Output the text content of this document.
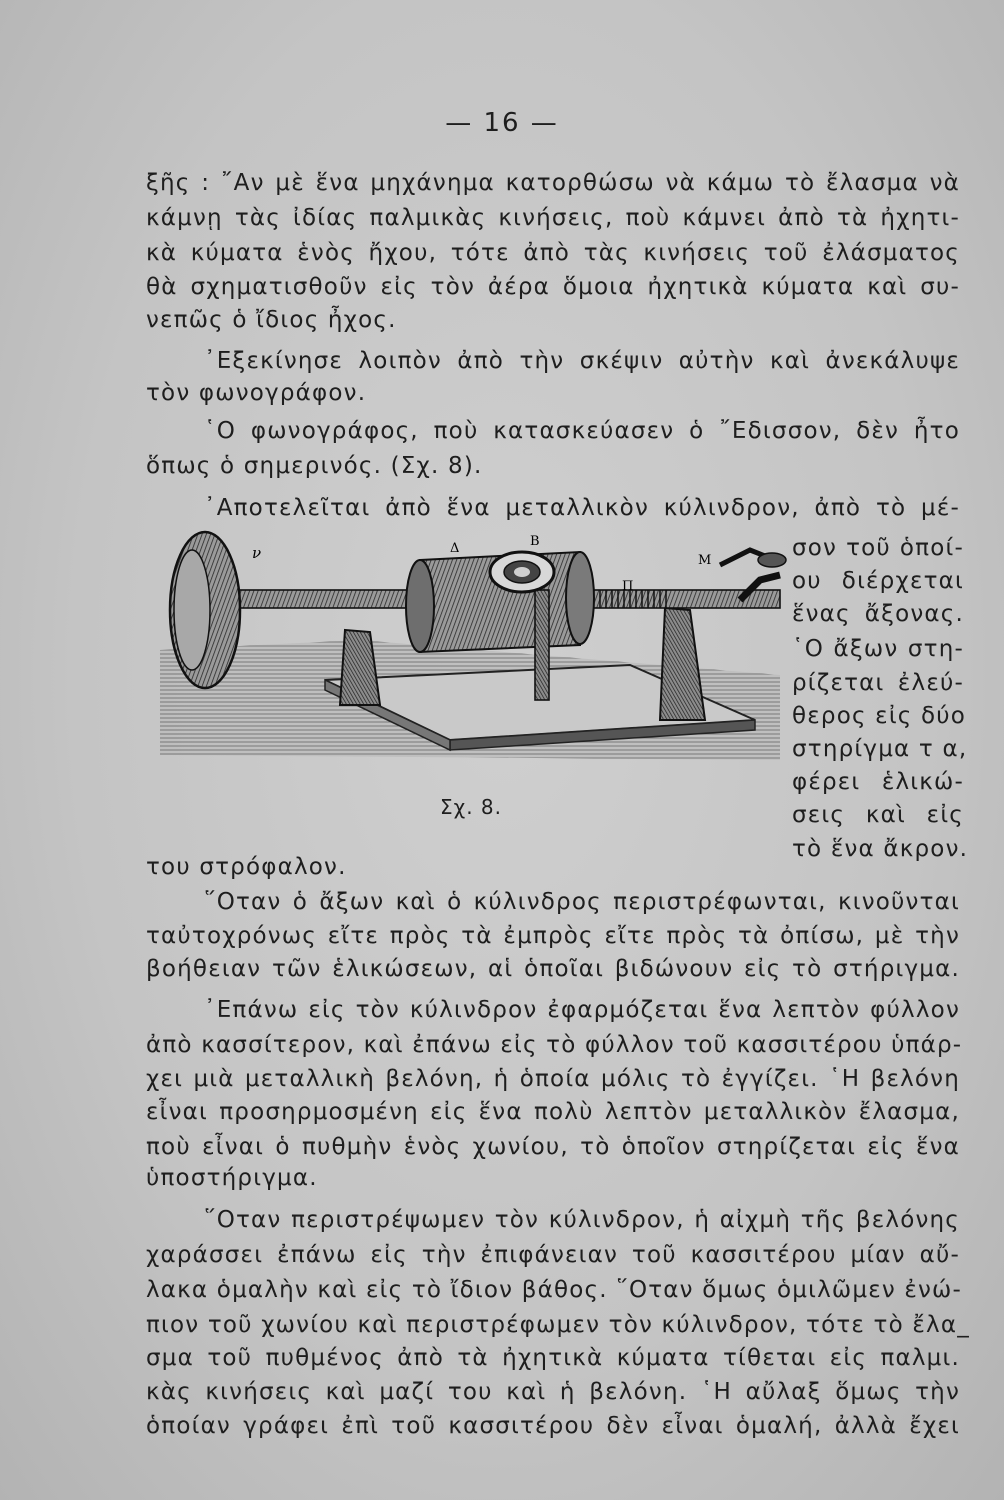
— 16 —
ξῆς : ῎Αν μὲ ἕνα μηχάνημα κατορθώσω νὰ κάμω τὸ ἔλασμα νὰ
κάμνῃ τὰς ἰδίας παλμικὰς κινήσεις, ποὺ κάμνει ἀπὸ τὰ ἠχητι-
κὰ κύματα ἑνὸς ἤχου, τότε ἀπὸ τὰς κινήσεις τοῦ ἐλάσματος
θὰ σχηματισθοῦν εἰς τὸν ἀέρα ὅμοια ἠχητικὰ κύματα καὶ συ-
νεπῶς ὁ ἴδιος ἦχος.
᾿Εξεκίνησε λοιπὸν ἀπὸ τὴν σκέψιν αὐτὴν καὶ ἀνεκάλυψε
τὸν φωνογράφον.
῾Ο φωνογράφος, ποὺ κατασκεύασεν ὁ ῎Εδισσον, δὲν ἦτο
ὅπως ὁ σημερινός. (Σχ. 8).
᾿Αποτελεῖται ἀπὸ ἕνα μεταλλικὸν κύλινδρον, ἀπὸ τὸ μέ-
σον τοῦ ὁποί-
ου διέρχεται
ἕνας ἄξονας.
῾Ο ἄξων στη-
ρίζεται ἐλεύ-
θερος εἰς δύο
στηρίγμα τ α,
φέρει ἑλικώ-
σεις καὶ εἰς
τὸ ἕνα ἄκρον.
ν	Δ	Β
Π
Μ
Σχ. 8.
του στρόφαλον.
῞Οταν ὁ ἄξων καὶ ὁ κύλινδρος περιστρέφωνται, κινοῦνται
ταὐτοχρόνως εἴτε πρὸς τὰ ἐμπρὸς εἴτε πρὸς τὰ ὀπίσω, μὲ τὴν
βοήθειαν τῶν ἑλικώσεων, αἱ ὁποῖαι βιδώνουν εἰς τὸ στήριγμα.
᾿Επάνω εἰς τὸν κύλινδρον ἐφαρμόζεται ἕνα λεπτὸν φύλλον
ἀπὸ κασσίτερον, καὶ ἐπάνω εἰς τὸ φύλλον τοῦ κασσιτέρου ὑπάρ-
χει μιὰ μεταλλικὴ βελόνη, ἡ ὁποία μόλις τὸ ἐγγίζει. ῾Η βελόνη
εἶναι προσηρμοσμένη εἰς ἕνα πολὺ λεπτὸν μεταλλικὸν ἔλασμα,
ποὺ εἶναι ὁ πυθμὴν ἑνὸς χωνίου, τὸ ὁποῖον στηρίζεται εἰς ἕνα
ὑποστήριγμα.
῞Οταν περιστρέψωμεν τὸν κύλινδρον, ἡ αἰχμὴ τῆς βελόνης
χαράσσει ἐπάνω εἰς τὴν ἐπιφάνειαν τοῦ κασσιτέρου μίαν αὔ-
λακα ὁμαλὴν καὶ εἰς τὸ ἴδιον βάθος. ῞Οταν ὅμως ὁμιλῶμεν ἐνώ-
πιον τοῦ χωνίου καὶ περιστρέφωμεν τὸν κύλινδρον, τότε τὸ ἔλα_
σμα τοῦ πυθμένος ἀπὸ τὰ ἠχητικὰ κύματα τίθεται εἰς παλμι.
κὰς κινήσεις καὶ μαζί του καὶ ἡ βελόνη. ῾Η αὔλαξ ὅμως τὴν
ὁποίαν γράφει ἐπὶ τοῦ κασσιτέρου δὲν εἶναι ὁμαλή, ἀλλὰ ἔχει
